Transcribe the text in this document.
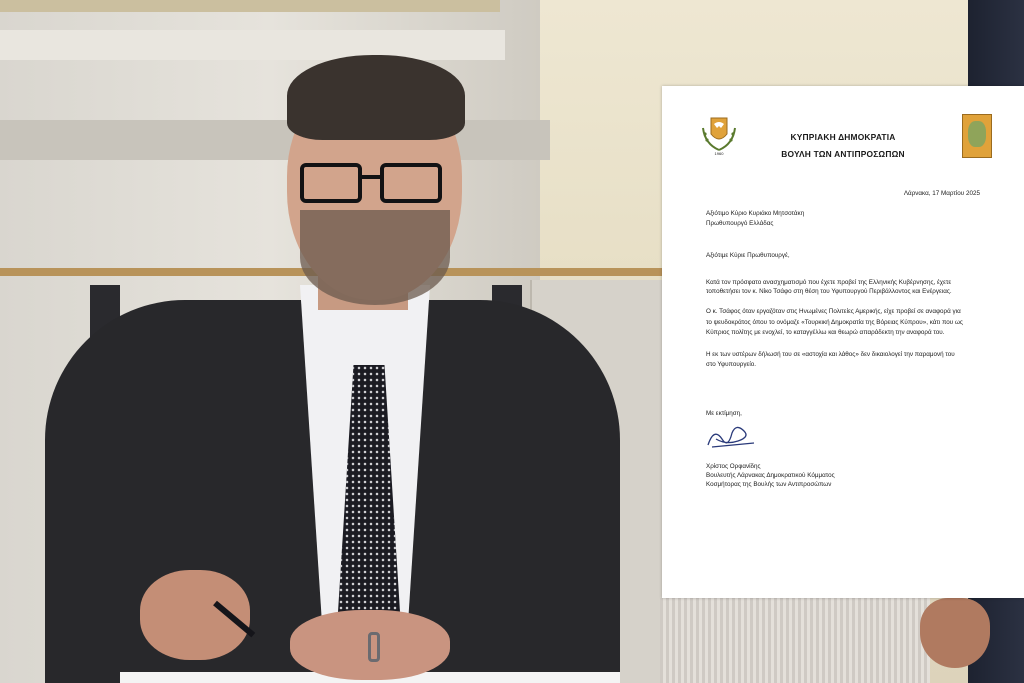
1960

ΚΥΠΡΙΑΚΗ ΔΗΜΟΚΡΑΤΙΑ

ΒΟΥΛΗ ΤΩΝ ΑΝΤΙΠΡΟΣΩΠΩΝ

Λάρνακα, 17 Μαρτίου 2025

Αξιότιμο Κύριο Κυριάκο Μητσοτάκη

Πρωθυπουργό Ελλάδας

Αξιότιμε Κύριε Πρωθυπουργέ,

Κατά τον πρόσφατο ανασχηματισμό που έχετε προβεί της Ελληνικής Κυβέρνησης, έχετε

τοποθετήσει τον κ. Νίκο Τσάφο στη θέση του Υφυπουργού Περιβάλλοντος και Ενέργειας.

Ο κ. Τσάφος όταν εργαζόταν στις Ηνωμένες Πολιτείες Αμερικής, είχε προβεί σε αναφορά για

το ψευδοκράτος όπου το ονόμαζε «Τουρκική Δημοκρατία της Βόρειας Κύπρου», κάτι που ως

Κύπριος πολίτης με ενοχλεί, το καταγγέλλω και θεωρώ απαράδεκτη την αναφορά του.

Η εκ των υστέρων δήλωσή του σε «αστοχία και λάθος» δεν δικαιολογεί την παραμονή του

στο Υφυπουργείο.

Με εκτίμηση,

Χρίστος Ορφανίδης

Βουλευτής Λάρνακας Δημοκρατικού Κόμματος

Κοσμήτορας της Βουλής των Αντιπροσώπων
